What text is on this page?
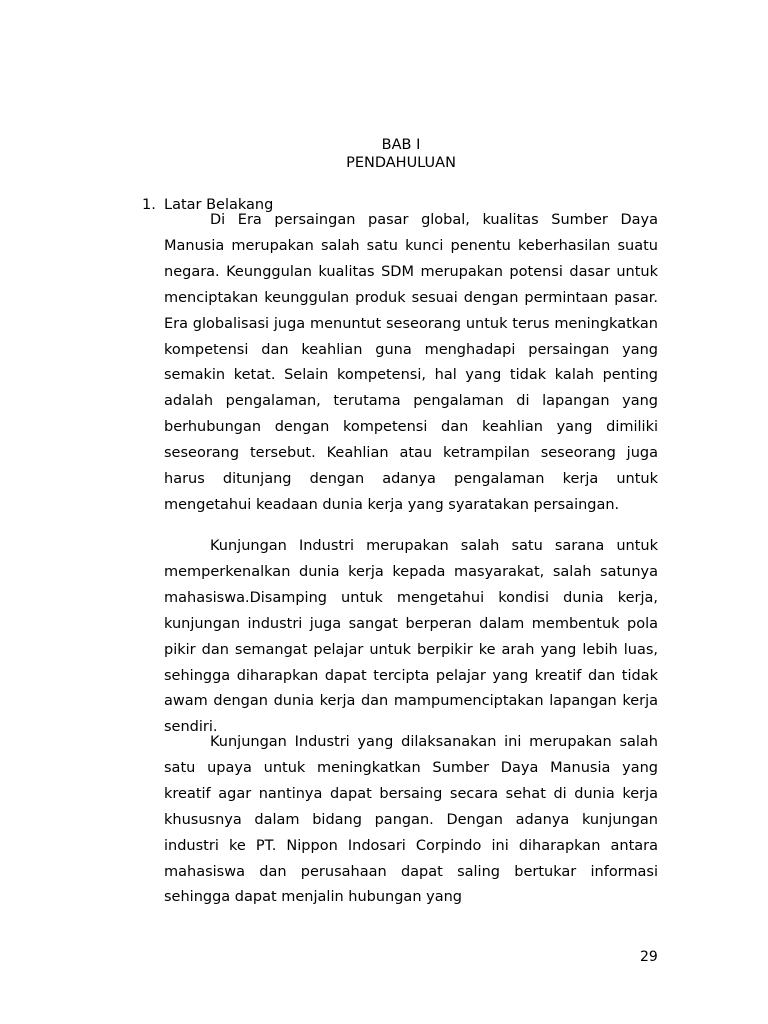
BAB I
PENDAHULUAN
1. Latar Belakang

Di Era persaingan pasar global, kualitas Sumber Daya Manusia merupakan salah satu kunci penentu keberhasilan suatu negara. Keunggulan kualitas SDM merupakan potensi dasar untuk menciptakan keunggulan produk sesuai dengan permintaan pasar. Era globalisasi juga menuntut seseorang untuk terus meningkatkan kompetensi dan keahlian guna menghadapi persaingan yang semakin ketat. Selain kompetensi, hal yang tidak kalah penting adalah pengalaman, terutama pengalaman di lapangan yang berhubungan dengan kompetensi dan keahlian yang dimiliki seseorang tersebut. Keahlian atau ketrampilan seseorang juga harus ditunjang dengan adanya pengalaman kerja untuk mengetahui keadaan dunia kerja yang syaratakan persaingan.

Kunjungan Industri merupakan salah satu sarana untuk memperkenalkan dunia kerja kepada masyarakat, salah satunya mahasiswa.Disamping untuk mengetahui kondisi dunia kerja, kunjungan industri juga sangat berperan dalam membentuk pola pikir dan semangat pelajar untuk berpikir ke arah yang lebih luas, sehingga diharapkan dapat tercipta pelajar yang kreatif dan tidak awam dengan dunia kerja dan mampumenciptakan lapangan kerja sendiri.

Kunjungan Industri yang dilaksanakan ini merupakan salah satu upaya untuk meningkatkan Sumber Daya Manusia yang kreatif agar nantinya dapat bersaing secara sehat di dunia kerja khususnya dalam bidang pangan. Dengan adanya kunjungan industri ke PT. Nippon Indosari Corpindo ini diharapkan antara mahasiswa dan perusahaan dapat saling bertukar informasi sehingga dapat menjalin hubungan yang

29
